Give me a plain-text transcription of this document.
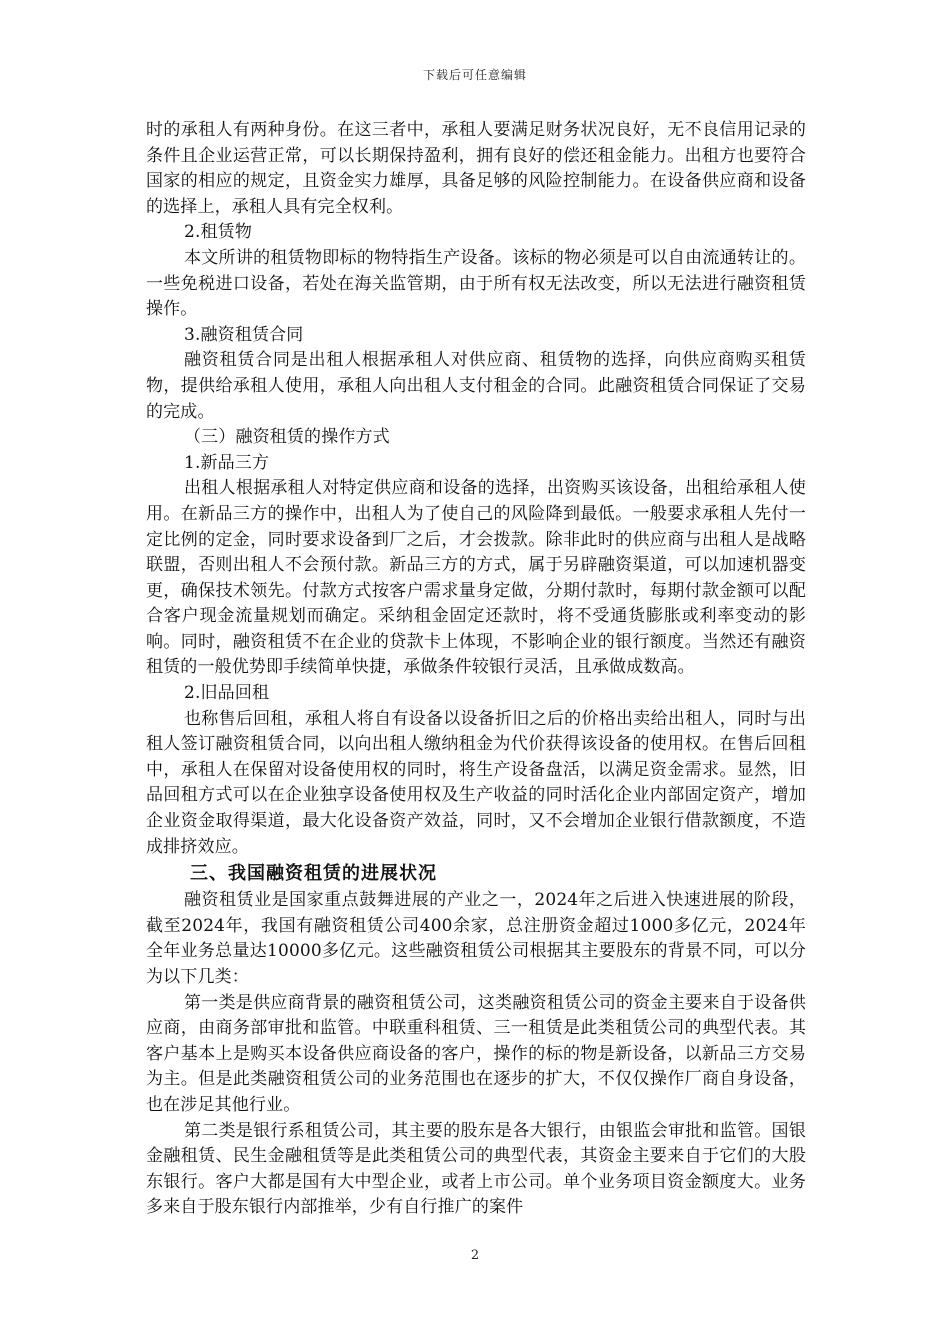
下载后可任意编辑

时的承租人有两种身份。在这三者中，承租人要满足财务状况良好，无不良信用记录的条件且企业运营正常，可以长期保持盈利，拥有良好的偿还租金能力。出租方也要符合国家的相应的规定，且资金实力雄厚，具备足够的风险控制能力。在设备供应商和设备的选择上，承租人具有完全权利。

2.租赁物

本文所讲的租赁物即标的物特指生产设备。该标的物必须是可以自由流通转让的。一些免税进口设备，若处在海关监管期，由于所有权无法改变，所以无法进行融资租赁操作。

3.融资租赁合同

融资租赁合同是出租人根据承租人对供应商、租赁物的选择，向供应商购买租赁物，提供给承租人使用，承租人向出租人支付租金的合同。此融资租赁合同保证了交易的完成。

（三）融资租赁的操作方式

1.新品三方

出租人根据承租人对特定供应商和设备的选择，出资购买该设备，出租给承租人使用。在新品三方的操作中，出租人为了使自己的风险降到最低。一般要求承租人先付一定比例的定金，同时要求设备到厂之后，才会拨款。除非此时的供应商与出租人是战略联盟，否则出租人不会预付款。新品三方的方式，属于另辟融资渠道，可以加速机器变更，确保技术领先。付款方式按客户需求量身定做，分期付款时，每期付款金额可以配合客户现金流量规划而确定。采纳租金固定还款时，将不受通货膨胀或利率变动的影响。同时，融资租赁不在企业的贷款卡上体现，不影响企业的银行额度。当然还有融资租赁的一般优势即手续简单快捷，承做条件较银行灵活，且承做成数高。

2.旧品回租

也称售后回租，承租人将自有设备以设备折旧之后的价格出卖给出租人，同时与出租人签订融资租赁合同，以向出租人缴纳租金为代价获得该设备的使用权。在售后回租中，承租人在保留对设备使用权的同时，将生产设备盘活，以满足资金需求。显然，旧品回租方式可以在企业独享设备使用权及生产收益的同时活化企业内部固定资产，增加企业资金取得渠道，最大化设备资产效益，同时，又不会增加企业银行借款额度，不造成排挤效应。

三、我国融资租赁的进展状况

融资租赁业是国家重点鼓舞进展的产业之一，2024年之后进入快速进展的阶段，截至2024年，我国有融资租赁公司400余家，总注册资金超过1000多亿元，2024年全年业务总量达10000多亿元。这些融资租赁公司根据其主要股东的背景不同，可以分为以下几类：

第一类是供应商背景的融资租赁公司，这类融资租赁公司的资金主要来自于设备供应商，由商务部审批和监管。中联重科租赁、三一租赁是此类租赁公司的典型代表。其客户基本上是购买本设备供应商设备的客户，操作的标的物是新设备，以新品三方交易为主。但是此类融资租赁公司的业务范围也在逐步的扩大，不仅仅操作厂商自身设备，也在涉足其他行业。

第二类是银行系租赁公司，其主要的股东是各大银行，由银监会审批和监管。国银金融租赁、民生金融租赁等是此类租赁公司的典型代表，其资金主要来自于它们的大股东银行。客户大都是国有大中型企业，或者上市公司。单个业务项目资金额度大。业务多来自于股东银行内部推举，少有自行推广的案件

2
